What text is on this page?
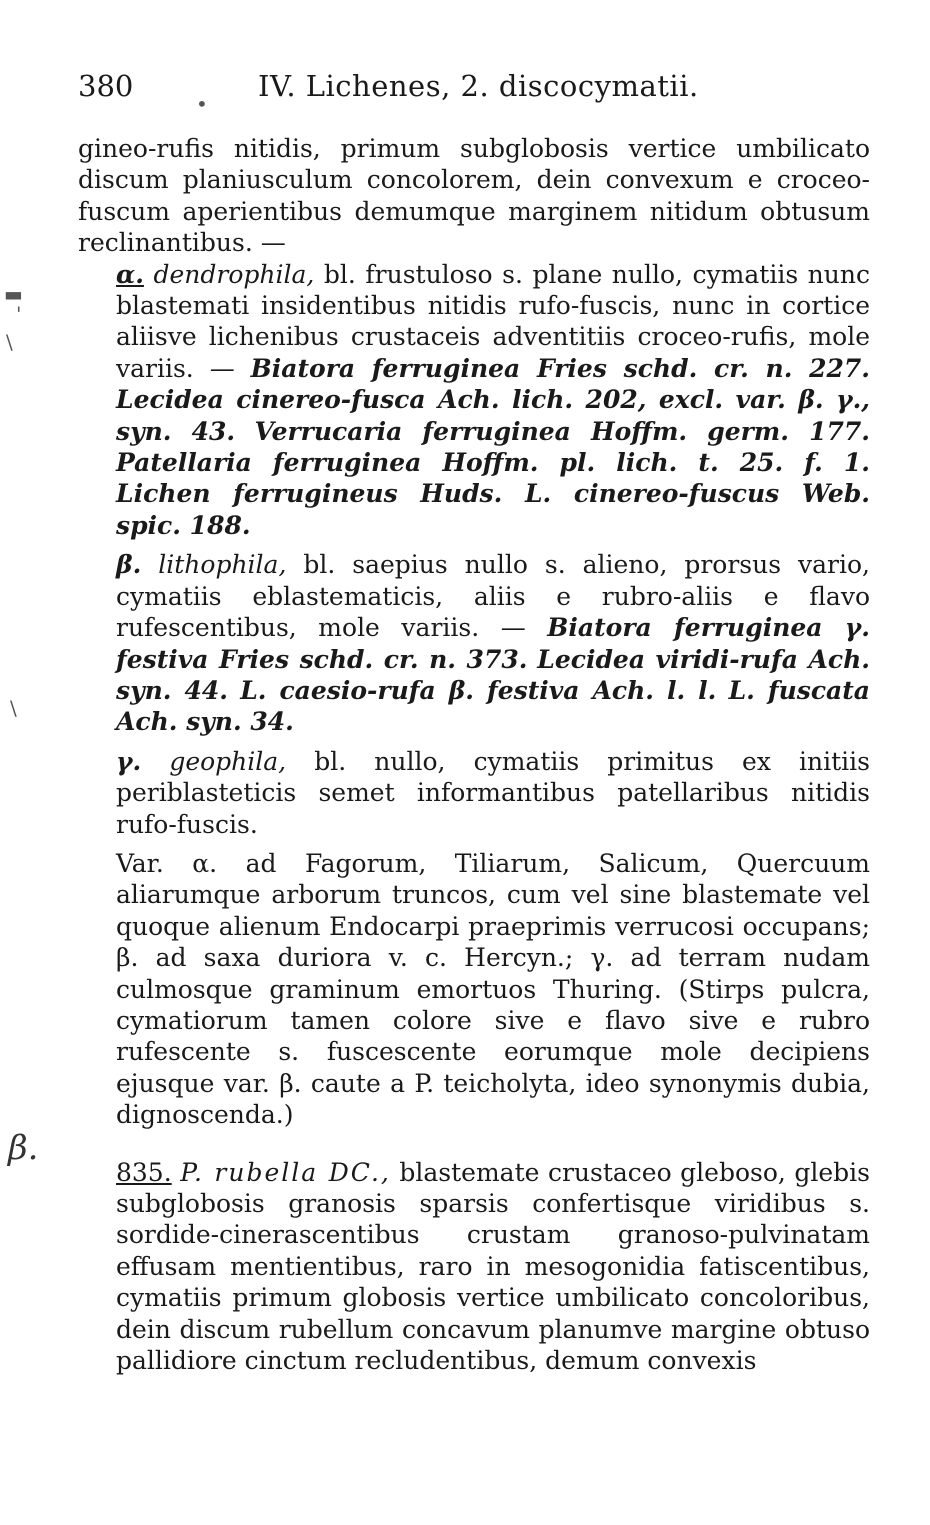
380	IV. Lichenes, 2. discocymatii.
•
▬
'
\
\

gineo-rufis nitidis, primum subglobosis vertice umbilicato discum planiusculum concolorem, dein convexum e croceo-fuscum aperientibus demumque marginem nitidum obtusum reclinantibus. —

α. dendrophila, bl. frustuloso s. plane nullo, cymatiis nunc blastemati insidentibus nitidis rufo-fuscis, nunc in cortice aliisve lichenibus crustaceis adventitiis croceo-rufis, mole variis. — Biatora ferruginea Fries schd. cr. n. 227. Lecidea cinereo-fusca Ach. lich. 202, excl. var. β. γ., syn. 43. Verrucaria ferruginea Hoffm. germ. 177. Patellaria ferruginea Hoffm. pl. lich. t. 25. f. 1. Lichen ferrugineus Huds. L. cinereo-fuscus Web. spic. 188.

β. lithophila, bl. saepius nullo s. alieno, prorsus vario, cymatiis eblastematicis, aliis e rubro-aliis e flavo rufescentibus, mole variis. — Biatora ferruginea γ. festiva Fries schd. cr. n. 373. Lecidea viridi-rufa Ach. syn. 44. L. caesio-rufa β. festiva Ach. l. l. L. fuscata Ach. syn. 34.

γ. geophila, bl. nullo, cymatiis primitus ex initiis periblasteticis semet informantibus patellaribus nitidis rufo-fuscis.

Var. α. ad Fagorum, Tiliarum, Salicum, Quercuum aliarumque arborum truncos, cum vel sine blastemate vel quoque alienum Endocarpi praeprimis verrucosi occupans; β. ad saxa duriora v. c. Hercyn.; γ. ad terram nudam culmosque graminum emortuos Thuring. (Stirps pulcra, cymatiorum tamen colore sive e flavo sive e rubro rufescente s. fuscescente eorumque mole decipiens ejusque var. β. caute a P. teicholyta, ideo synonymis dubia, dignoscenda.)

835. P. rubella DC., blastemate crustaceo gleboso, glebis subglobosis granosis sparsis confertisque viridibus s. sordide-cinerascentibus crustam granoso-pulvinatam effusam mentientibus, raro in mesogonidia fatiscentibus, cymatiis primum globosis vertice umbilicato concoloribus, dein discum rubellum concavum planumve margine obtuso pallidiore cinctum recludentibus, demum convexis

β.
